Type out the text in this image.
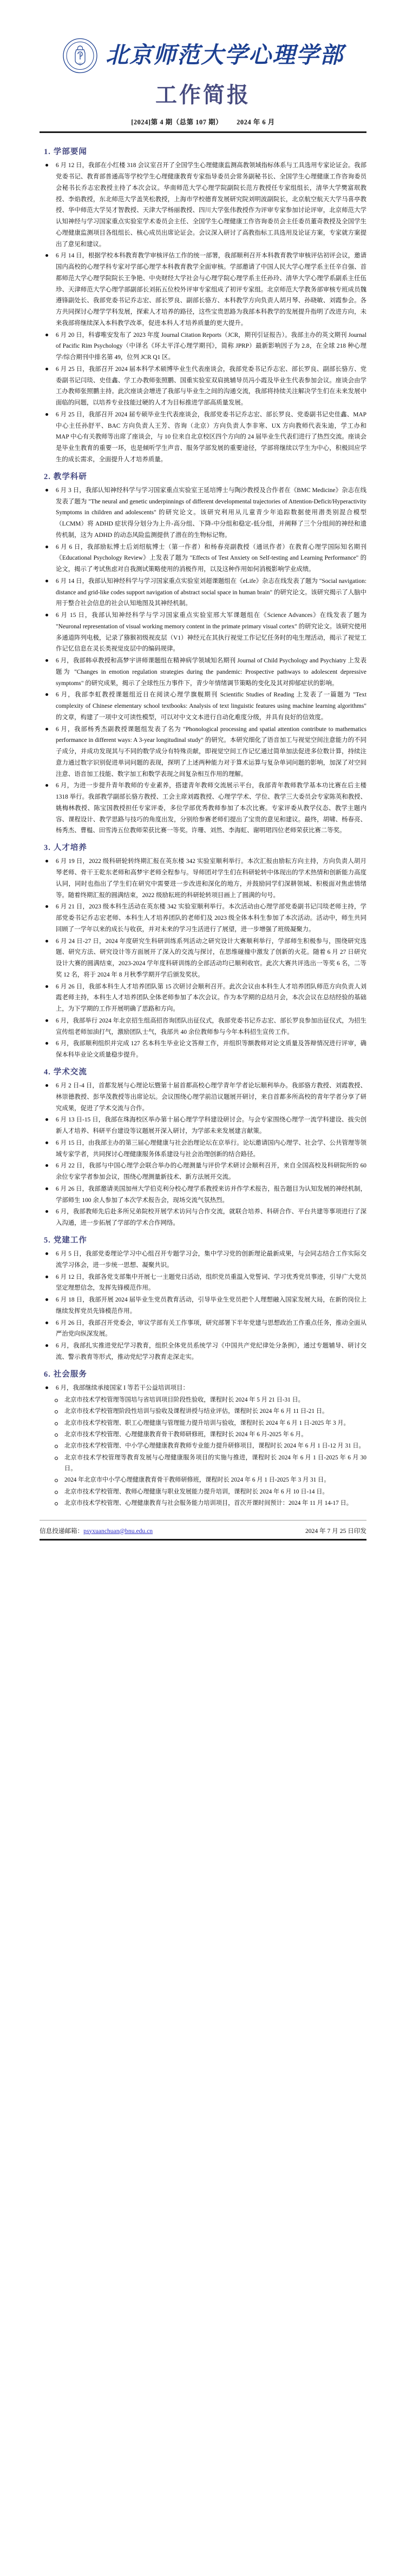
1902 北京师范大学心理学部
工作简报
[2024]第 4 期（总第 107 期） 2024 年 6 月
1. 学部要闻
6 月 12 日，我部在小红楼 318 会议室召开了全国学生心理健康监测高教领域指标体系与工具选用专家论证会。我部党委书记、教育部普通高等学校学生心理健康教育专家指导委员会常务副秘书长、全国学生心理健康工作咨询委员会秘书长乔志宏教授主持了本次会议。华南师范大学心理学院副院长范方教授任专家组组长，清华大学樊富珉教授、李焰教授，东北师范大学盖笑松教授，上海市学校德育发展研究院刘明波副院长，北京航空航天大学马喜亭教授、华中师范大学吴才智教授、天津大学杨丽教授、四川大学张伟教授作为评审专家参加讨论评审，北京师范大学认知神经与学习国家重点实验室学术委员会主任、全国学生心理健康工作咨询委员会主任委员董奇教授及全国学生心理健康监测项目各组组长、核心成员出席论证会。会议深入研讨了高教指标工具选用及论证方案，专家就方案提出了意见和建议。
6 月 14 日，根据学校本科教育教学审核评估工作的统一部署，我部顺利召开本科教育教学审核评估初评会议，邀请国内高校的心理学科专家对学部心理学本科教育教学全面审核。学部邀请了中国人民大学心理学系主任辛自强、首都师范大学心理学院院长王争艳、中央财经大学社会与心理学院心理学系主任孙玲、清华大学心理学系副系主任伍珍、天津师范大学心理学部副部长刘拓五位校外评审专家组成了初评专家组。北京师范大学教务部审核专班成员魏遵锋副处长、我部党委书记乔志宏、部长罗良、副部长骆方、本科教学方向负责人胡月琴、孙晓敏、刘霞参会。各方共同探讨心理学学科发展，探索人才培养的路径，这些宝贵思路为我部本科教学的发展提升指明了改进方向，未来我部将继续深入本科教学改革，促进本科人才培养质量的更大提升。
6 月 20 日，科睿唯安发布了 2023 年度 Journal Citation Reports（JCR，期刊引证报告）。我部主办的英文期刊 Journal of Pacific Rim Psychology（中译名《环太平洋心理学期刊》，简称 JPRP）最新影响因子为 2.8，在全球 218 种心理学/综合期刊中排名第 49，位列 JCR Q1 区。
6 月 25 日，我部召开 2024 届本科学术硕博毕业生代表座谈会，我部党委书记乔志宏、部长罗良、副部长骆方、党委副书记闫琰、史佳鑫、学工办教师张照鹏、国重实验室双肩挑辅导员冯小霞及毕业生代表参加会议。座谈会由学工办教师张照鹏主持。此次座谈会增进了我部与毕业生之间的沟通交流，我部将持续关注解决学生们在未来发展中面临的问题，以培养专业技能过硬的人才为目标推进学部高质量发展。
6 月 25 日，我部召开 2024 届专硕毕业生代表座谈会，我部党委书记乔志宏、部长罗良、党委副书记史佳鑫、MAP 中心主任孙舒平、BAC 方向负责人王芳、咨询（北京）方向负责人李非寒、UX 方向教师代表朱迪，学工办和 MAP 中心有关教师等出席了座谈会，与 10 位来自北京校区四个方向的 24 届毕业生代表们进行了热烈交流。座谈会是毕业生教育的重要一环，也是倾听学生声音、服务学部发展的重要途径，学部将继续以学生为中心，积极回应学生的成长需求，全面提升人才培养质量。
2. 教学科研
6 月 3 日，我部认知神经科学与学习国家重点实验室王延培博士与陶沙教授及合作者在《BMC Medicine》杂志在线发表了题为 "The neural and genetic underpinnings of different developmental trajectories of Attention-Deficit/Hyperactivity Symptoms in children and adolescents" 的研究论文。该研究利用从儿童青少年追踪数据使用潜类别混合模型（LCMM）将 ADHD 症状得分划分为上升-高分组、下降-中分组和稳定-低分组，并阐释了三个分组间的神经和遗传机制，这为 ADHD 的动态风险监测提供了潜在的生物标记物。
6 月 6 日，我部励耘博士后刘绍航博士（第一作者）和杨春亮副教授（通讯作者）在教育心理学国际知名期刊《Educational Psychology Review》上发表了题为 "Effects of Test Anxiety on Self-testing and Learning Performance" 的论文，揭示了考试焦虑对自我测试策略使用的消极作用，以及这种作用如何消极影响学业成绩。
6 月 14 日，我部认知神经科学与学习国家重点实验室刘超课题组在《eLife》杂志在线发表了题为 "Social navigation: distance and grid-like codes support navigation of abstract social space in human brain" 的研究论文。该研究揭示了人脑中用于整合社会信息的社会认知地图及其神经机制。
6 月 15 日，我部认知神经科学与学习国家重点实验室邢大军课题组在《Science Advances》在线发表了题为 "Neuronal representation of visual working memory content in the primate primary visual cortex" 的研究论文。该研究使用多通道阵列电极，记录了猕猴初级视皮层（V1）神经元在其执行视觉工作记忆任务时的电生理活动，揭示了视觉工作记忆信息在灵长类视觉皮层中的编码规律。
6 月，我部韩卓教授和高梦宇讲师课题组在精神病学领域知名期刊 Journal of Child Psychology and Psychiatry 上发表题为 "Changes in emotion regulation strategies during the pandemic: Prospective pathways to adolescent depressive symptoms" 的研究成果，揭示了全球性压力事件下，青少年情绪调节策略的变化及其对抑郁症状的影响。
6 月，我部李虹教授课题组近日在阅读心理学旗舰期刊 Scientific Studies of Reading 上发表了一篇题为 "Text complexity of Chinese elementary school textbooks: Analysis of text linguistic features using machine learning algorithms" 的文章，构建了一项中文可读性模型，可以对中文文本进行自动化难度分级，并具有良好的信效度。
6 月，我部杨秀杰副教授课题组发表了名为 "Phonological processing and spatial attention contribute to mathematics performance in different ways: A 3-year longitudinal study" 的研究。本研究细化了语音加工与视觉空间注意能力的不同子成分，并成功发现其与不同的数学成分有特殊贡献，即视觉空间工作记忆通过简单加法促进多位数计算，持续注意力通过数字识别促进单词问题的表现，探明了上述两种能力对于算术运算与复杂单词问题的影响，加深了对空间注意、语音加工技能、数字加工和数学表现之间复杂相互作用的理解。
6 月，为进一步提升青年教师的专业素养，搭建青年教师交流展示平台，我部青年教师教学基本功比赛在后主楼 1318 举行。我部教学副部长骆方教授、工会主席刘霞教授、心理学学术、学位、教学三大委员会专家陈英和教授、姚梅林教授、陈宝国教授担任专家评委，多位学部优秀教师参加了本次比赛。专家评委从教学仪态、教学主题内容、课程设计、教学思路与技巧的角度出发，分别给参赛老师们提出了宝贵的意见和建议。最终，胡啸、杨春亮、杨秀杰、曹榅、田雪涛五位教师荣获比赛一等奖。许珊、刘然、李海虹、谢明珺四位老师荣获比赛二等奖。
3. 人才培养
6 月 19 日，2022 级科研轮转终期汇报在英东楼 342 实验室顺利举行。本次汇报由励耘方向主持，方向负责人胡月琴老师、骨干王乾东老师和高梦宇老师全程参与。导师团对学生们在科研轮转中体现出的学术热情和创新能力高度认同，同时也指出了学生们在研究中需要进一步改进和深化的地方，并鼓励同学们深耕领域、积极面对焦虑情绪等。随着终期汇报的圆满结束，2022 级励耘班的科研轮转项目画上了圆满的句号。
6 月 21 日，2023 级本科生活动在英东楼 342 实验室顺利举行。本次活动由心理学部党委副书记闫琰老师主持，学部党委书记乔志宏老师、本科生人才培养团队的老师们及 2023 级全体本科生参加了本次活动。活动中，师生共同回顾了一学年以来的成长与收获，并对未来的学习生活进行了展望，进一步增强了班级凝聚力。
6 月 24 日-27 日，2024 年度研究生科研训练系列活动之研究设计大赛顺利举行，学部师生积极参与，围绕研究选题、研究方法、研究设计等方面展开了深入的交流与探讨，在思维碰撞中激发了创新的火花。随着 6 月 27 日研究设计大赛的圆满结束，2023-2024 学年度科研训练的全部活动均已顺利收官。此次大赛共评选出一等奖 6 名，二等奖 12 名，将于 2024 年 8 月秋季学期开学后颁发奖状。
6 月 26 日，我部本科生人才培养团队第 15 次研讨会顺利召开。此次会议由本科生人才培养团队师范方向负责人刘霞老师主持，本科生人才培养团队全体老师参加了本次会议。作为本学期的总结月会，本次会议在总结经验的基础上，为下学期的工作开展明确了思路和方向。
6 月，我部举行 2024 年北京招生组高招咨询团队出征仪式，我部党委书记乔志宏、部长罗良参加出征仪式，为招生宣传组老师加油打气，激励团队士气，我部共 40 余位教师参与今年本科招生宣传工作。
6 月，我部顺利组织并完成 127 名本科生毕业论文答辩工作，并组织等额教师对论文质量及答辩情况进行评审，确保本科毕业论文质量稳步提升。
4. 学术交流
6 月 2 日-4 日，首都发展与心理论坛暨第十届首都高校心理学青年学者论坛顺利举办。我部骆方教授、刘霞教授、林崇德教授、彭华茂教授等出席论坛。会议围绕心理学前沿议题展开研讨，来自首都多所高校的青年学者分享了研究成果，促进了学术交流与合作。
6 月 13 日-15 日，我部在珠海校区举办第十届心理学学科建设研讨会。与会专家围绕心理学一流学科建设、拔尖创新人才培养、科研平台建设等议题展开深入研讨，为学部未来发展建言献策。
6 月 15 日，由我部主办的第三届心理健康与社会治理论坛在京举行。论坛邀请国内心理学、社会学、公共管理等领域专家学者，共同探讨心理健康服务体系建设与社会治理创新的结合路径。
6 月 22 日，我部与中国心理学会联合举办的心理测量与评价学术研讨会顺利召开，来自全国高校及科研院所的 60 余位专家学者参加会议，围绕心理测量新技术、新方法展开交流。
6 月 26 日，我部邀请美国加州大学伯克利分校心理学系教授来访并作学术报告，报告题目为认知发展的神经机制，学部师生 100 余人参加了本次学术报告会，现场交流气氛热烈。
6 月，我部教师先后赴多所兄弟院校开展学术访问与合作交流，就联合培养、科研合作、平台共建等事项进行了深入沟通，进一步拓展了学部的学术合作网络。
5. 党建工作
6 月 5 日，我部党委理论学习中心组召开专题学习会，集中学习党的创新理论最新成果，与会同志结合工作实际交流学习体会，进一步统一思想、凝聚共识。
6 月 12 日，我部各党支部集中开展七一主题党日活动，组织党员重温入党誓词、学习优秀党员事迹，引导广大党员坚定理想信念，发挥先锋模范作用。
6 月 18 日，我部开展 2024 届毕业生党员教育活动，引导毕业生党员把个人理想融入国家发展大局，在新的岗位上继续发挥党员先锋模范作用。
6 月 26 日，我部召开党委会，审议学部有关工作事项，研究部署下半年党建与思想政治工作重点任务，推动全面从严治党向纵深发展。
6 月，我部扎实推进党纪学习教育，组织全体党员系统学习《中国共产党纪律处分条例》，通过专题辅导、研讨交流、警示教育等形式，推动党纪学习教育走深走实。
6. 社会服务
6 月，我部继续承接国家 I 等若干公益培训项目：
北京市技术学校管理等国培与省培训项目阶段性验收，课程时长 2024 年 5 月 21 日-31 日。
北京市技术学校管理阶段性培训与验收及课程讲授与结业评估，课程时长 2024 年 6 月 11 日-21 日。
北京市技术学校管理、职工心理健康与管理能力提升培训与验收，课程时长 2024 年 6 月 1 日-2025 年 3 月。
北京市技术学校管理、心理健康教育骨干教师研修班，课程时长 2024 年 6 月-2025 年 6 月。
北京市技术学校管理、中小学心理健康教育教师专业能力提升研修项目，课程时长 2024 年 6 月 1 日-12 月 31 日。
北京市技术学校管理等教育发展与心理健康服务项目的实施与推进，课程时长 2024 年 6 月 1 日-2025 年 6 月 30 日。
2024 年北京市中小学心理健康教育骨干教师研修班，课程时长 2024 年 6 月 1 日-2025 年 3 月 31 日。
北京市技术学校管理、教师心理健康与职业发展能力提升培训，课程时长 2024 年 6 月 10 日-14 日。
北京市技术学校管理、心理健康教育与社会服务能力培训项目，首次开课时间预计：2024 年 11 月 14-17 日。
信息投递邮箱：psyxuanchuan@bnu.edu.cn	2024 年 7 月 25 日印发
